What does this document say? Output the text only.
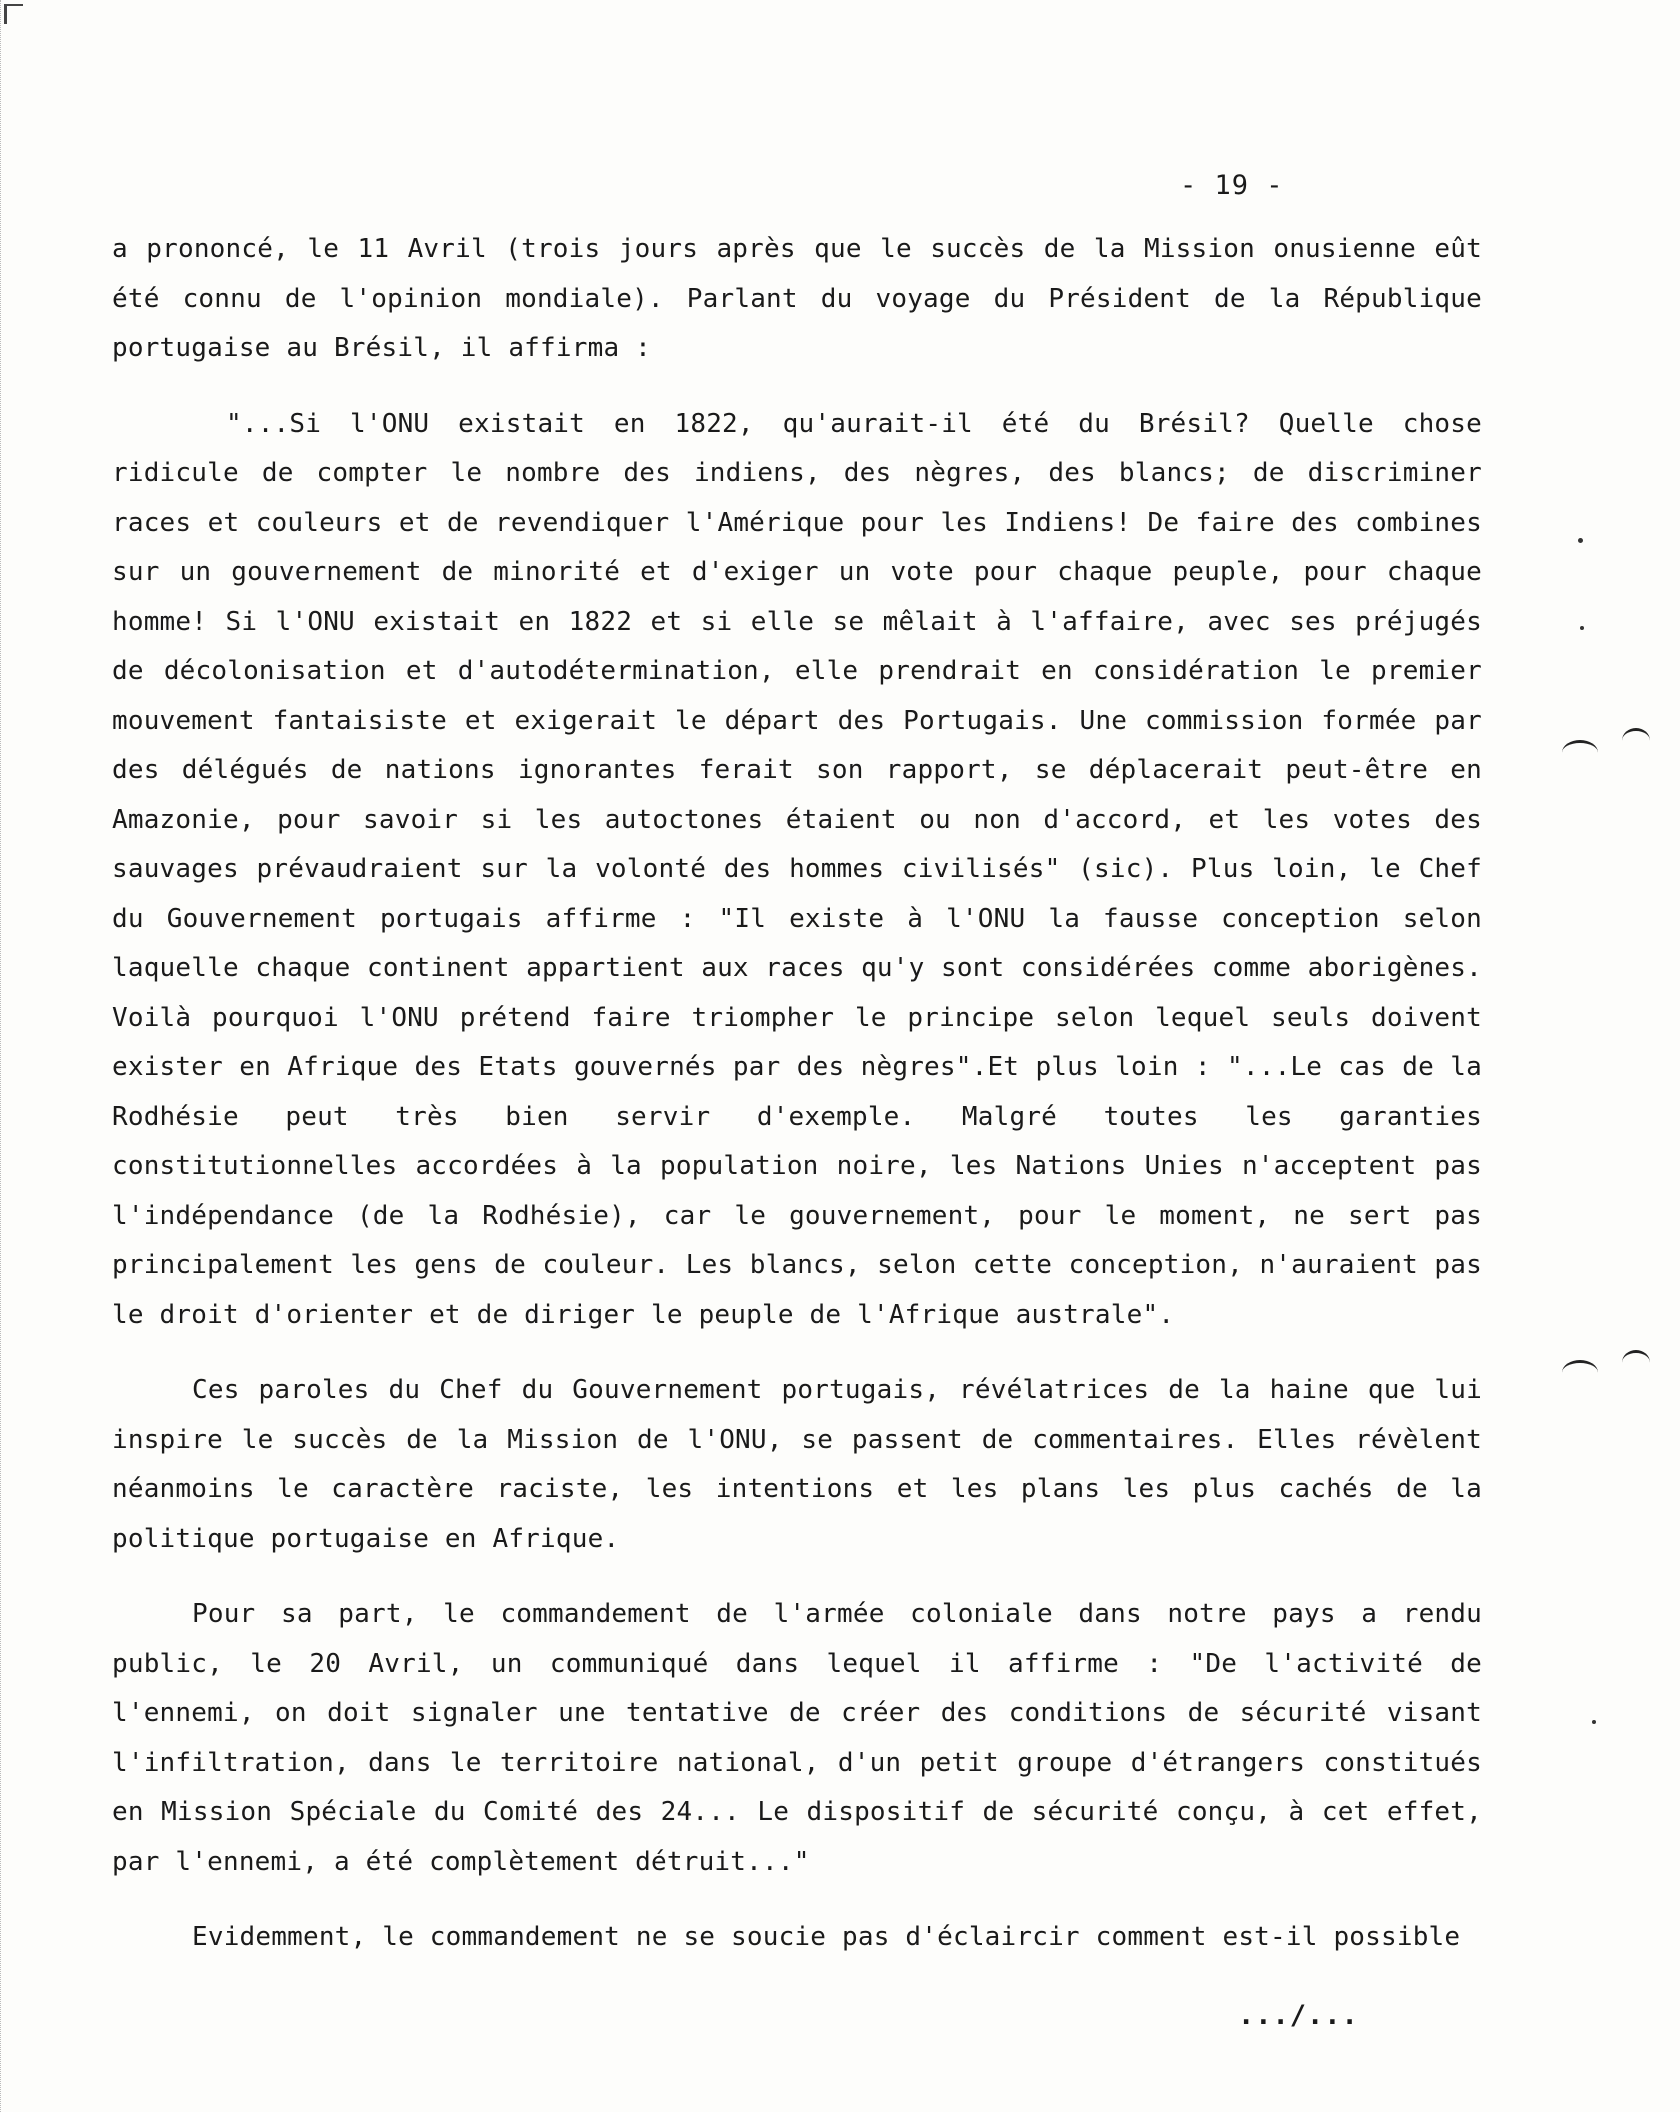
- 19 -

a prononcé, le 11 Avril (trois jours après que le succès de la Mission onusienne eût été connu de l'opinion mondiale). Parlant du voyage du Président de la République portugaise au Brésil, il affirma :

"...Si l'ONU existait en 1822, qu'aurait-il été du Brésil? Quelle chose ridicule de compter le nombre des indiens, des nègres, des blancs; de discriminer races et couleurs et de revendiquer l'Amérique pour les Indiens! De faire des combines sur un gouvernement de minorité et d'exiger un vote pour chaque peuple, pour chaque homme! Si l'ONU existait en 1822 et si elle se mêlait à l'affaire, avec ses préjugés de décolonisation et d'autodétermination, elle prendrait en considération le premier mouvement fantaisiste et exigerait le départ des Portugais. Une commission formée par des délégués de nations ignorantes ferait son rapport, se déplacerait peut-être en Amazonie, pour savoir si les autoctones étaient ou non d'accord, et les votes des sauvages prévaudraient sur la volonté des hommes civilisés" (sic). Plus loin, le Chef du Gouvernement portugais affirme : "Il existe à l'ONU la fausse conception selon laquelle chaque continent appartient aux races qu'y sont considérées comme aborigènes. Voilà pourquoi l'ONU prétend faire triompher le principe selon lequel seuls doivent exister en Afrique des Etats gouvernés par des nègres".Et plus loin : "...Le cas de la Rodhésie peut très bien servir d'exemple. Malgré toutes les garanties constitutionnelles accordées à la population noire, les Nations Unies n'acceptent pas l'indépendance (de la Rodhésie), car le gouvernement, pour le moment, ne sert pas principalement les gens de couleur. Les blancs, selon cette conception, n'auraient pas le droit d'orienter et de diriger le peuple de l'Afrique australe".

Ces paroles du Chef du Gouvernement portugais, révélatrices de la haine que lui inspire le succès de la Mission de l'ONU, se passent de commentaires. Elles révèlent néanmoins le caractère raciste, les intentions et les plans les plus cachés de la politique portugaise en Afrique.

Pour sa part, le commandement de l'armée coloniale dans notre pays a rendu public, le 20 Avril, un communiqué dans lequel il affirme : "De l'activité de l'ennemi, on doit signaler une tentative de créer des conditions de sécurité visant l'infiltration, dans le territoire national, d'un petit groupe d'étrangers constitués en Mission Spéciale du Comité des 24... Le dispositif de sécurité conçu, à cet effet, par l'ennemi, a été complètement détruit..."

Evidemment, le commandement ne se soucie pas d'éclaircir comment est-il possible

.../...
